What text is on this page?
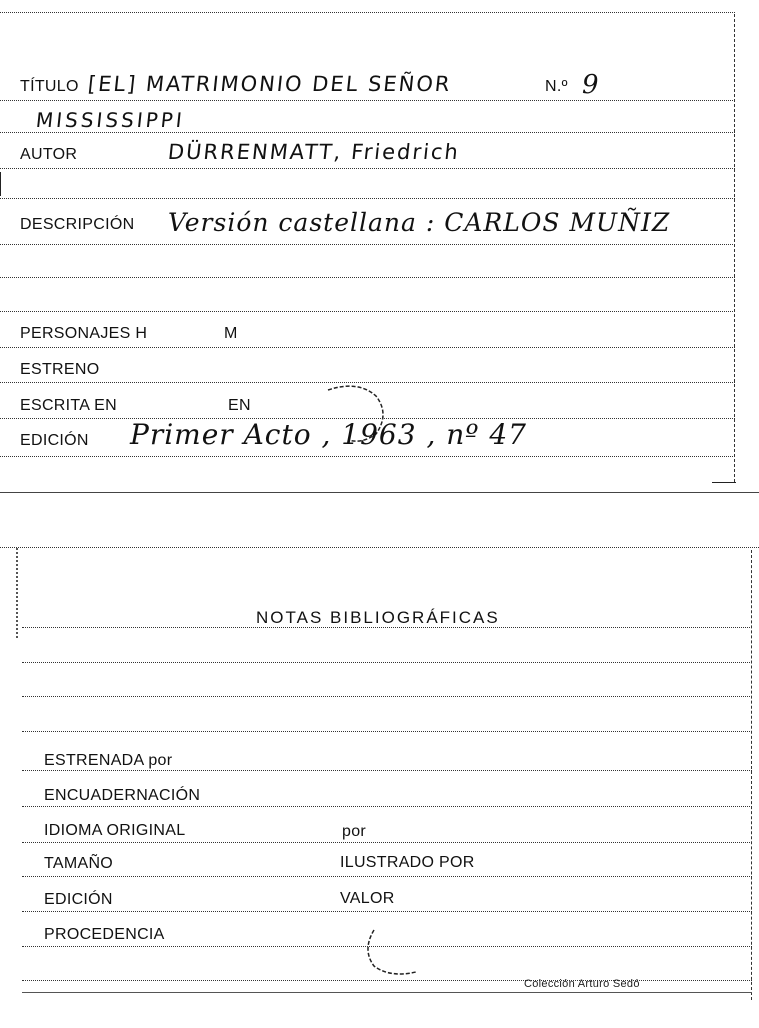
TÍTULO [EL] MATRIMONIO DEL SEÑOR	N.º 9
MISSISSIPPI
AUTOR	DÜRRENMATT, Friedrich
DESCRIPCIÓN Versión castellana : CARLOS MUÑIZ
PERSONAJES H	M
ESTRENO
ESCRITA EN	EN
EDICIÓN Primer Acto , 1963 , nº 47
NOTAS BIBLIOGRÁFICAS
ESTRENADA por
ENCUADERNACIÓN
IDIOMA ORIGINAL	por
TAMAÑO	ILUSTRADO POR
EDICIÓN	VALOR
PROCEDENCIA
Colección Arturo Sedó
